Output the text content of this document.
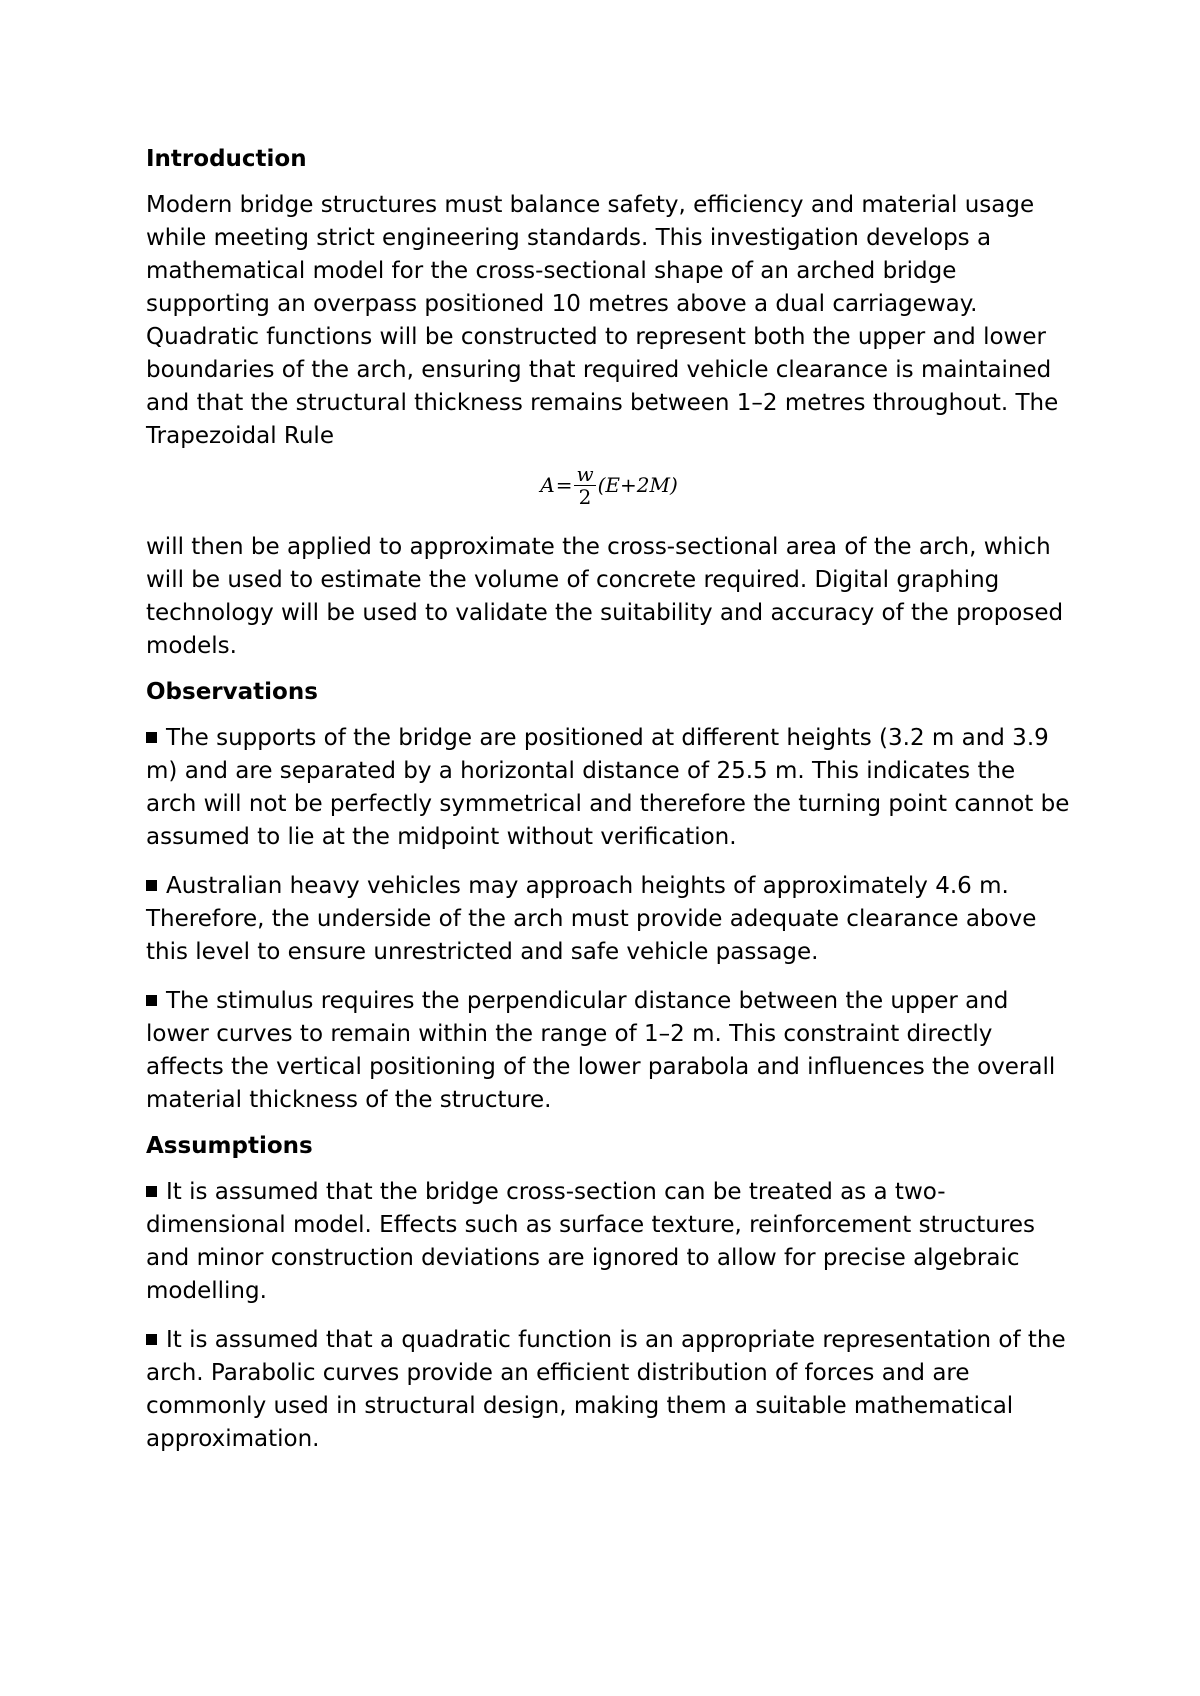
Introduction
Modern bridge structures must balance safety, efficiency and material usage while meeting strict engineering standards. This investigation develops a mathematical model for the cross-sectional shape of an arched bridge supporting an overpass positioned 10 metres above a dual carriageway. Quadratic functions will be constructed to represent both the upper and lower boundaries of the arch, ensuring that required vehicle clearance is maintained and that the structural thickness remains between 1–2 metres throughout. The Trapezoidal Rule
$A = \frac{w}{2} (E+2M)$
will then be applied to approximate the cross-sectional area of the arch, which will be used to estimate the volume of concrete required. Digital graphing technology will be used to validate the suitability and accuracy of the proposed models.
Observations
The supports of the bridge are positioned at different heights (3.2 m and 3.9 m) and are separated by a horizontal distance of 25.5 m. This indicates the arch will not be perfectly symmetrical and therefore the turning point cannot be assumed to lie at the midpoint without verification.
Australian heavy vehicles may approach heights of approximately 4.6 m. Therefore, the underside of the arch must provide adequate clearance above this level to ensure unrestricted and safe vehicle passage.
The stimulus requires the perpendicular distance between the upper and lower curves to remain within the range of 1–2 m. This constraint directly affects the vertical positioning of the lower parabola and influences the overall material thickness of the structure.
Assumptions
It is assumed that the bridge cross-section can be treated as a two-dimensional model. Effects such as surface texture, reinforcement structures and minor construction deviations are ignored to allow for precise algebraic modelling.
It is assumed that a quadratic function is an appropriate representation of the arch. Parabolic curves provide an efficient distribution of forces and are commonly used in structural design, making them a suitable mathematical approximation.
